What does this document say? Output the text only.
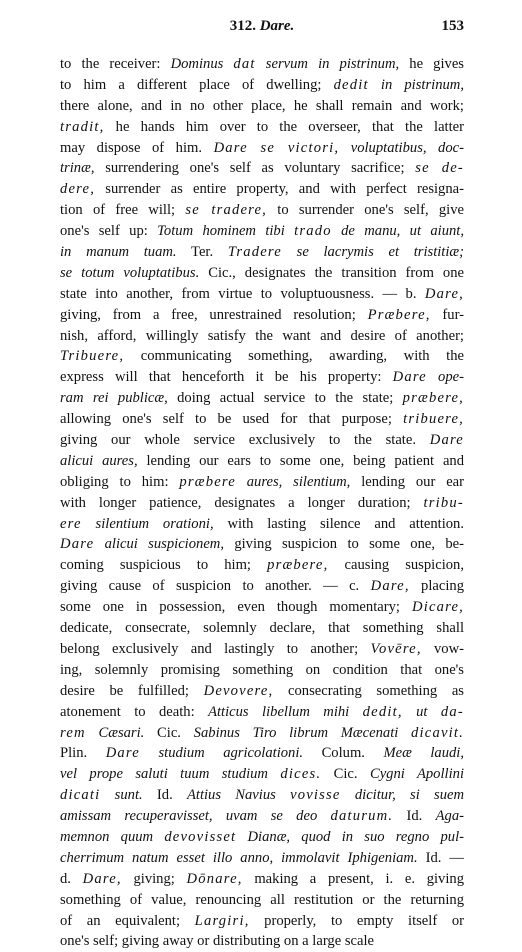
312. Dare.	153
to the receiver: Dominus dat servum in pistrinum, he gives
to him a different place of dwelling; dedit in pistrinum,
there alone, and in no other place, he shall remain and work;
tradit, he hands him over to the overseer, that the latter
may dispose of him. Dare se victori, voluptatibus, doc-
trinæ, surrendering one's self as voluntary sacrifice; se de-
dere, surrender as entire property, and with perfect resigna-
tion of free will; se tradere, to surrender one's self, give
one's self up: Totum hominem tibi trado de manu, ut aiunt,
in manum tuam. Ter. Tradere se lacrymis et tristitiæ;
se totum voluptatibus. Cic., designates the transition from one
state into another, from virtue to voluptuousness. — b. Dare,
giving, from a free, unrestrained resolution; Præbere, fur-
nish, afford, willingly satisfy the want and desire of another;
Tribuere, communicating something, awarding, with the
express will that henceforth it be his property: Dare ope-
ram rei publicæ, doing actual service to the state; præbere,
allowing one's self to be used for that purpose; tribuere,
giving our whole service exclusively to the state. Dare
alicui aures, lending our ears to some one, being patient and
obliging to him: præbere aures, silentium, lending our ear
with longer patience, designates a longer duration; tribu-
ere silentium orationi, with lasting silence and attention.
Dare alicui suspicionem, giving suspicion to some one, be-
coming suspicious to him; præbere, causing suspicion,
giving cause of suspicion to another. — c. Dare, placing
some one in possession, even though momentary; Dicare,
dedicate, consecrate, solemnly declare, that something shall
belong exclusively and lastingly to another; Vovēre, vow-
ing, solemnly promising something on condition that one's
desire be fulfilled; Devovere, consecrating something as
atonement to death: Atticus libellum mihi dedit, ut da-
rem Cæsari. Cic. Sabinus Tiro librum Mæcenati dicavit.
Plin. Dare studium agricolationi. Colum. Meæ laudi,
vel prope saluti tuum studium dices. Cic. Cygni Apollini
dicati sunt. Id. Attius Navius vovisse dicitur, si suem
amissam recuperavisset, uvam se deo daturum. Id. Aga-
memnon quum devovisset Dianæ, quod in suo regno pul-
cherrimum natum esset illo anno, immolavit Iphigeniam. Id. —
d. Dare, giving; Dōnare, making a present, i. e. giving
something of value, renouncing all restitution or the returning
of an equivalent; Largiri, properly, to empty itself or
one's self; giving away or distributing on a large scale
